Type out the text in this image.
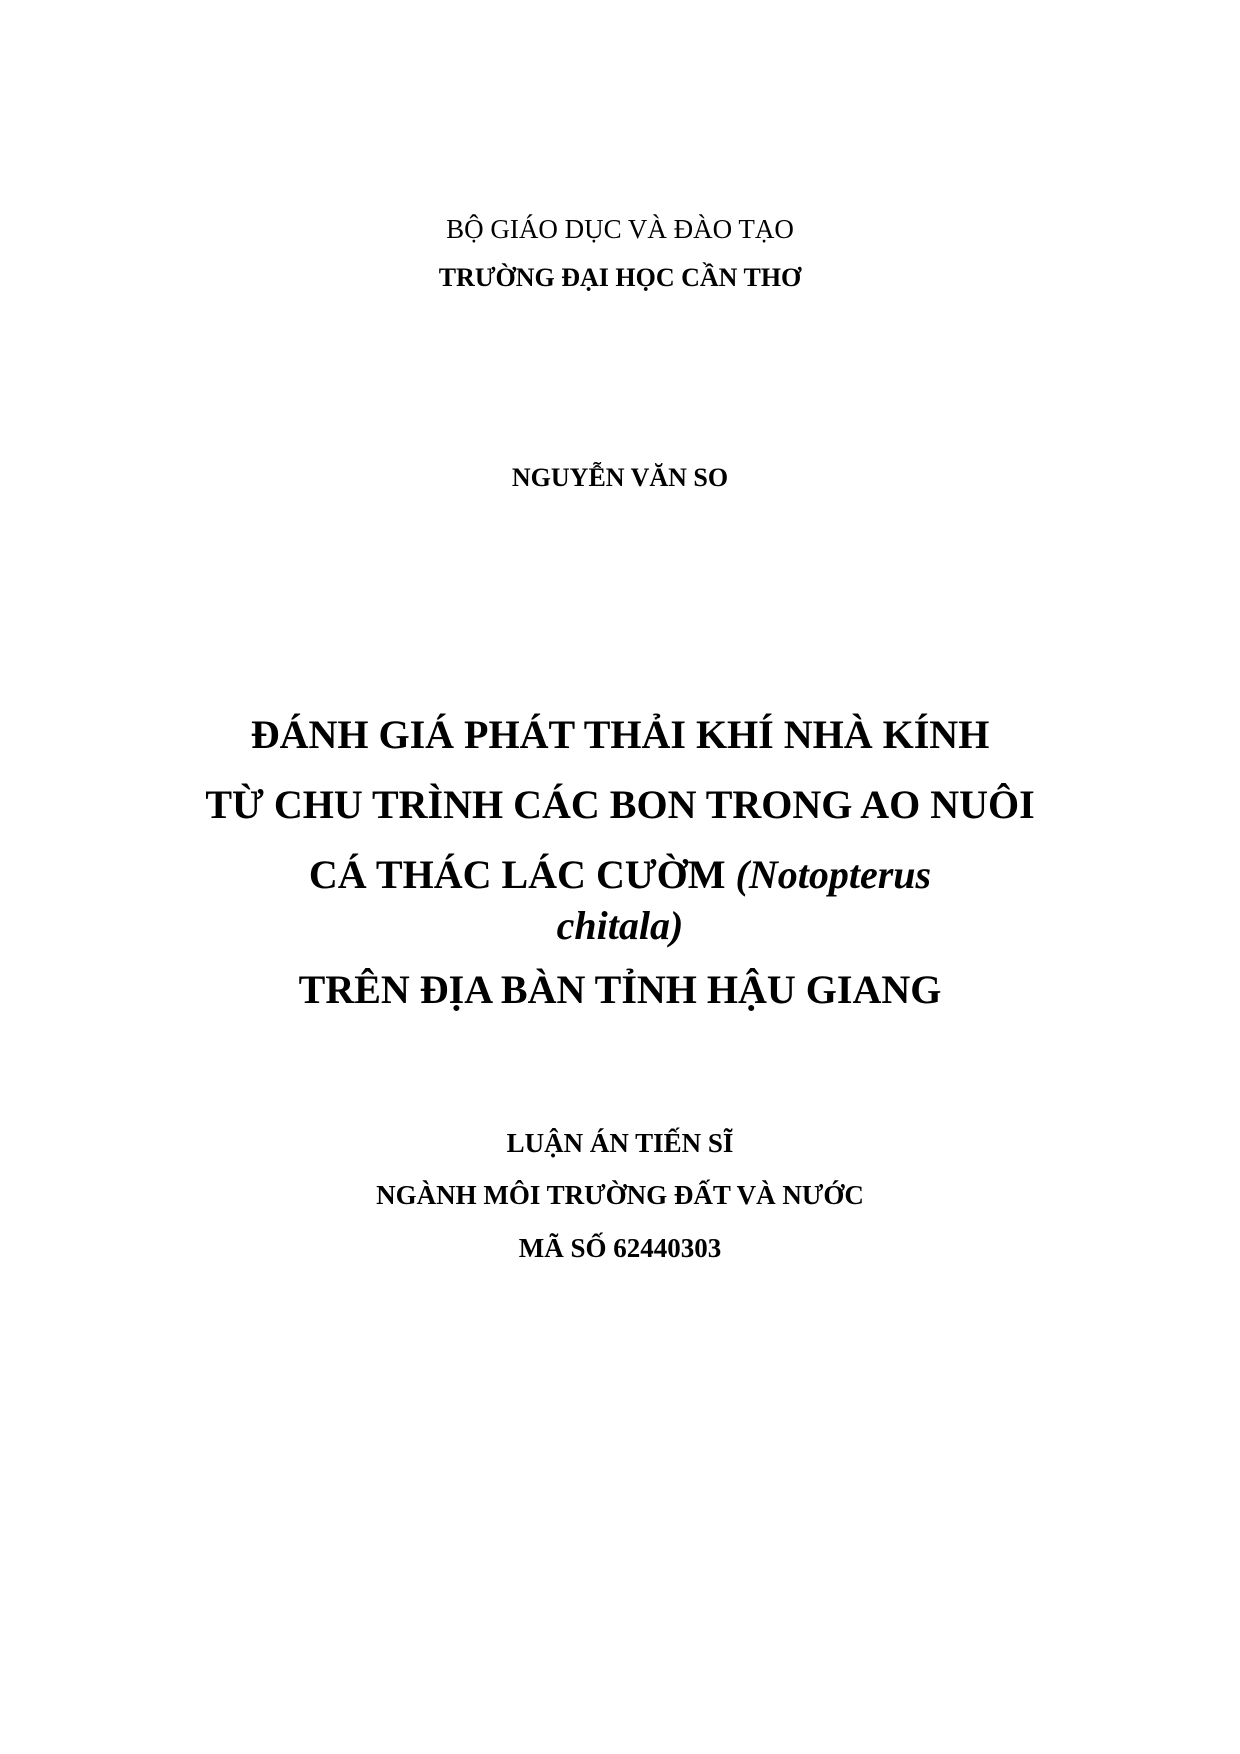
BỘ GIÁO DỤC VÀ ĐÀO TẠO
TRƯỜNG ĐẠI HỌC CẦN THƠ
NGUYỄN VĂN SO
ĐÁNH GIÁ PHÁT THẢI KHÍ NHÀ KÍNH
TỪ CHU TRÌNH CÁC BON TRONG AO NUÔI
CÁ THÁC LÁC CƯỜM (Notopterus
chitala)
TRÊN ĐỊA BÀN TỈNH HẬU GIANG
LUẬN ÁN TIẾN SĨ
NGÀNH MÔI TRƯỜNG ĐẤT VÀ NƯỚC
MÃ SỐ 62440303
